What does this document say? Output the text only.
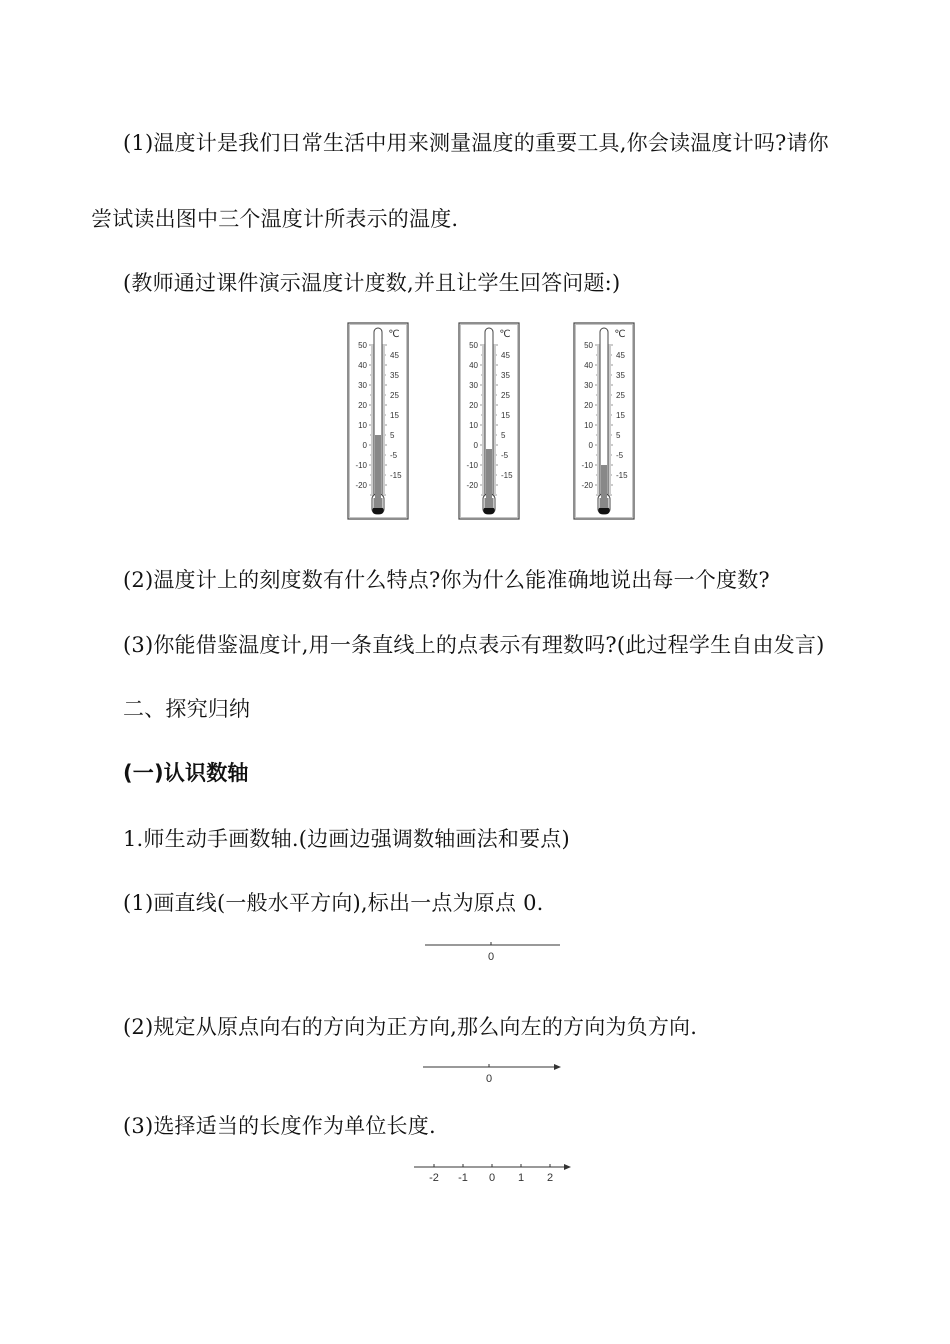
(1)温度计是我们日常生活中用来测量温度的重要工具,你会读温度计吗?请你
尝试读出图中三个温度计所表示的温度.
(教师通过课件演示温度计度数,并且让学生回答问题:)
50
40
30
20
10
0
-10
-20
45
35
25
15
5
-5
-15
℃
50
40
30
20
10
0
-10
-20
45
35
25
15
5
-5
-15
℃
50
40
30
20
10
0
-10
-20
45
35
25
15
5
-5
-15
℃
(2)温度计上的刻度数有什么特点?你为什么能准确地说出每一个度数?
(3)你能借鉴温度计,用一条直线上的点表示有理数吗?(此过程学生自由发言)
二、探究归纳
(一)认识数轴
1.师生动手画数轴.(边画边强调数轴画法和要点)
(1)画直线(一般水平方向),标出一点为原点 0.
0
(2)规定从原点向右的方向为正方向,那么向左的方向为负方向.
0
(3)选择适当的长度作为单位长度.
-2 -1 0 1 2
